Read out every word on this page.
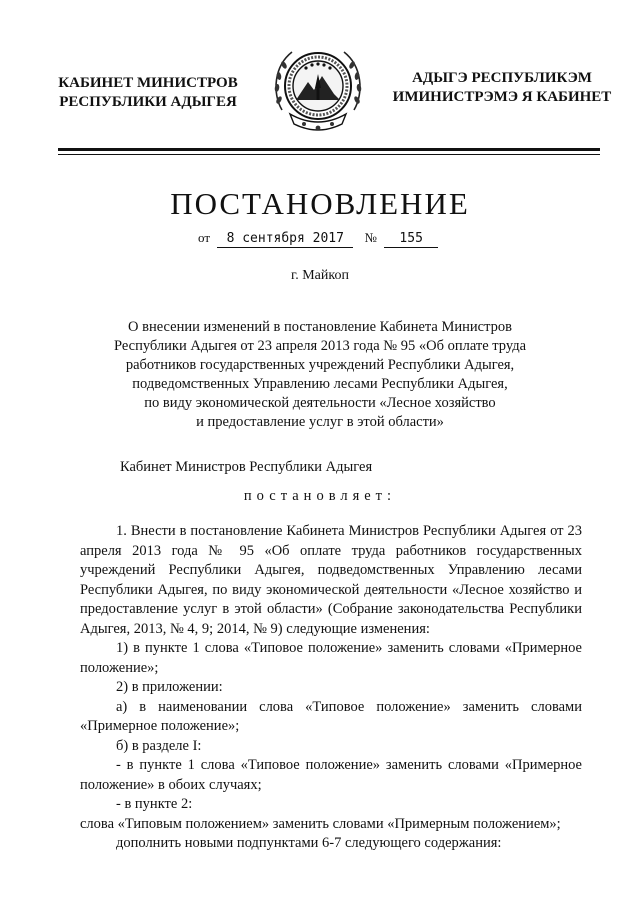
КАБИНЕТ МИНИСТРОВ
РЕСПУБЛИКИ АДЫГЕЯ
АДЫГЭ РЕСПУБЛИКЭМ
ИМИНИСТРЭМЭ Я КАБИНЕТ
ПОСТАНОВЛЕНИЕ
от 8 сентября 2017 № 155
г. Майкоп
О внесении изменений в постановление Кабинета Министров
Республики Адыгея от 23 апреля 2013 года № 95 «Об оплате труда
работников государственных учреждений Республики Адыгея,
подведомственных Управлению лесами Республики Адыгея,
по виду экономической деятельности «Лесное хозяйство
и предоставление услуг в этой области»
Кабинет Министров Республики Адыгея
постановляет:

1. Внести в постановление Кабинета Министров Республики Адыгея от 23 апреля 2013 года № 95 «Об оплате труда работников государственных учреждений Республики Адыгея, подведомственных Управлению лесами Республики Адыгея, по виду экономической деятельности «Лесное хозяйство и предоставление услуг в этой области» (Собрание законодательства Республики Адыгея, 2013, № 4, 9; 2014, № 9) следующие изменения:

1) в пункте 1 слова «Типовое положение» заменить словами «Примерное положение»;

2) в приложении:

а) в наименовании слова «Типовое положение» заменить словами «Примерное положение»;

б) в разделе I:

- в пункте 1 слова «Типовое положение» заменить словами «Примерное положение» в обоих случаях;

- в пункте 2:

слова «Типовым положением» заменить словами «Примерным положением»;

дополнить новыми подпунктами 6-7 следующего содержания:
